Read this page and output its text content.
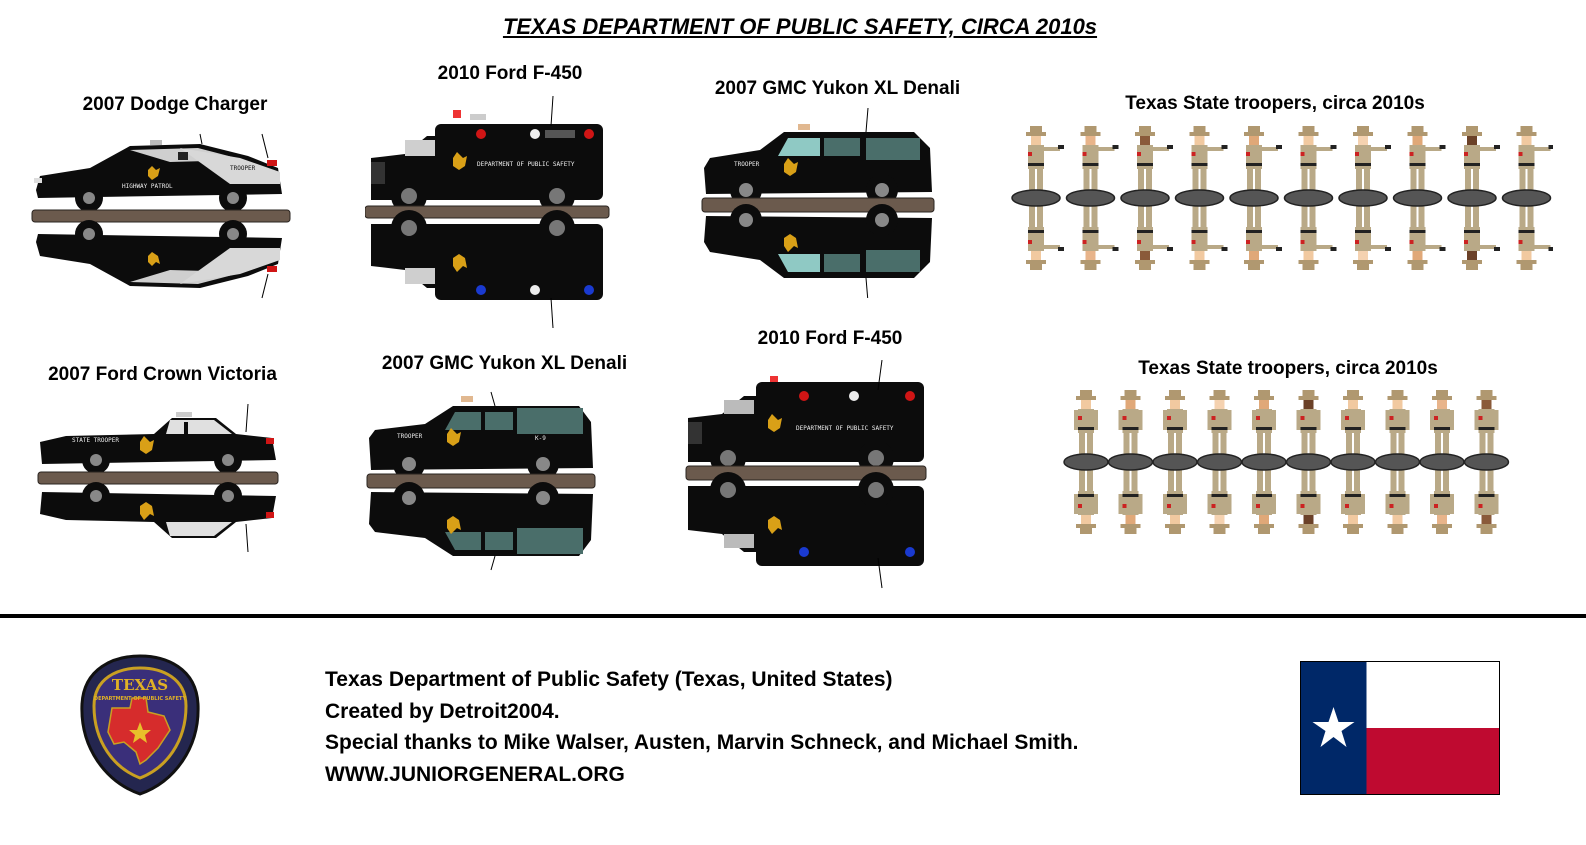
TEXAS DEPARTMENT OF PUBLIC SAFETY, CIRCA 2010s
2007 Dodge Charger
2010 Ford F-450
2007 GMC Yukon XL Denali
2007 Ford Crown Victoria
2007 GMC Yukon XL Denali
2010 Ford F-450
Texas State troopers, circa 2010s
Texas State troopers, circa 2010s
HIGHWAY PATROL
TROOPER
DEPARTMENT OF PUBLIC SAFETY	TROOPER
STATE TROOPER
TROOPER	K-9
DEPARTMENT OF PUBLIC SAFETY
TEXAS
DEPARTMENT OF PUBLIC SAFETY
Texas Department of Public Safety (Texas, United States)
Created by Detroit2004.
Special thanks to Mike Walser, Austen, Marvin Schneck, and Michael Smith.
WWW.JUNIORGENERAL.ORG
